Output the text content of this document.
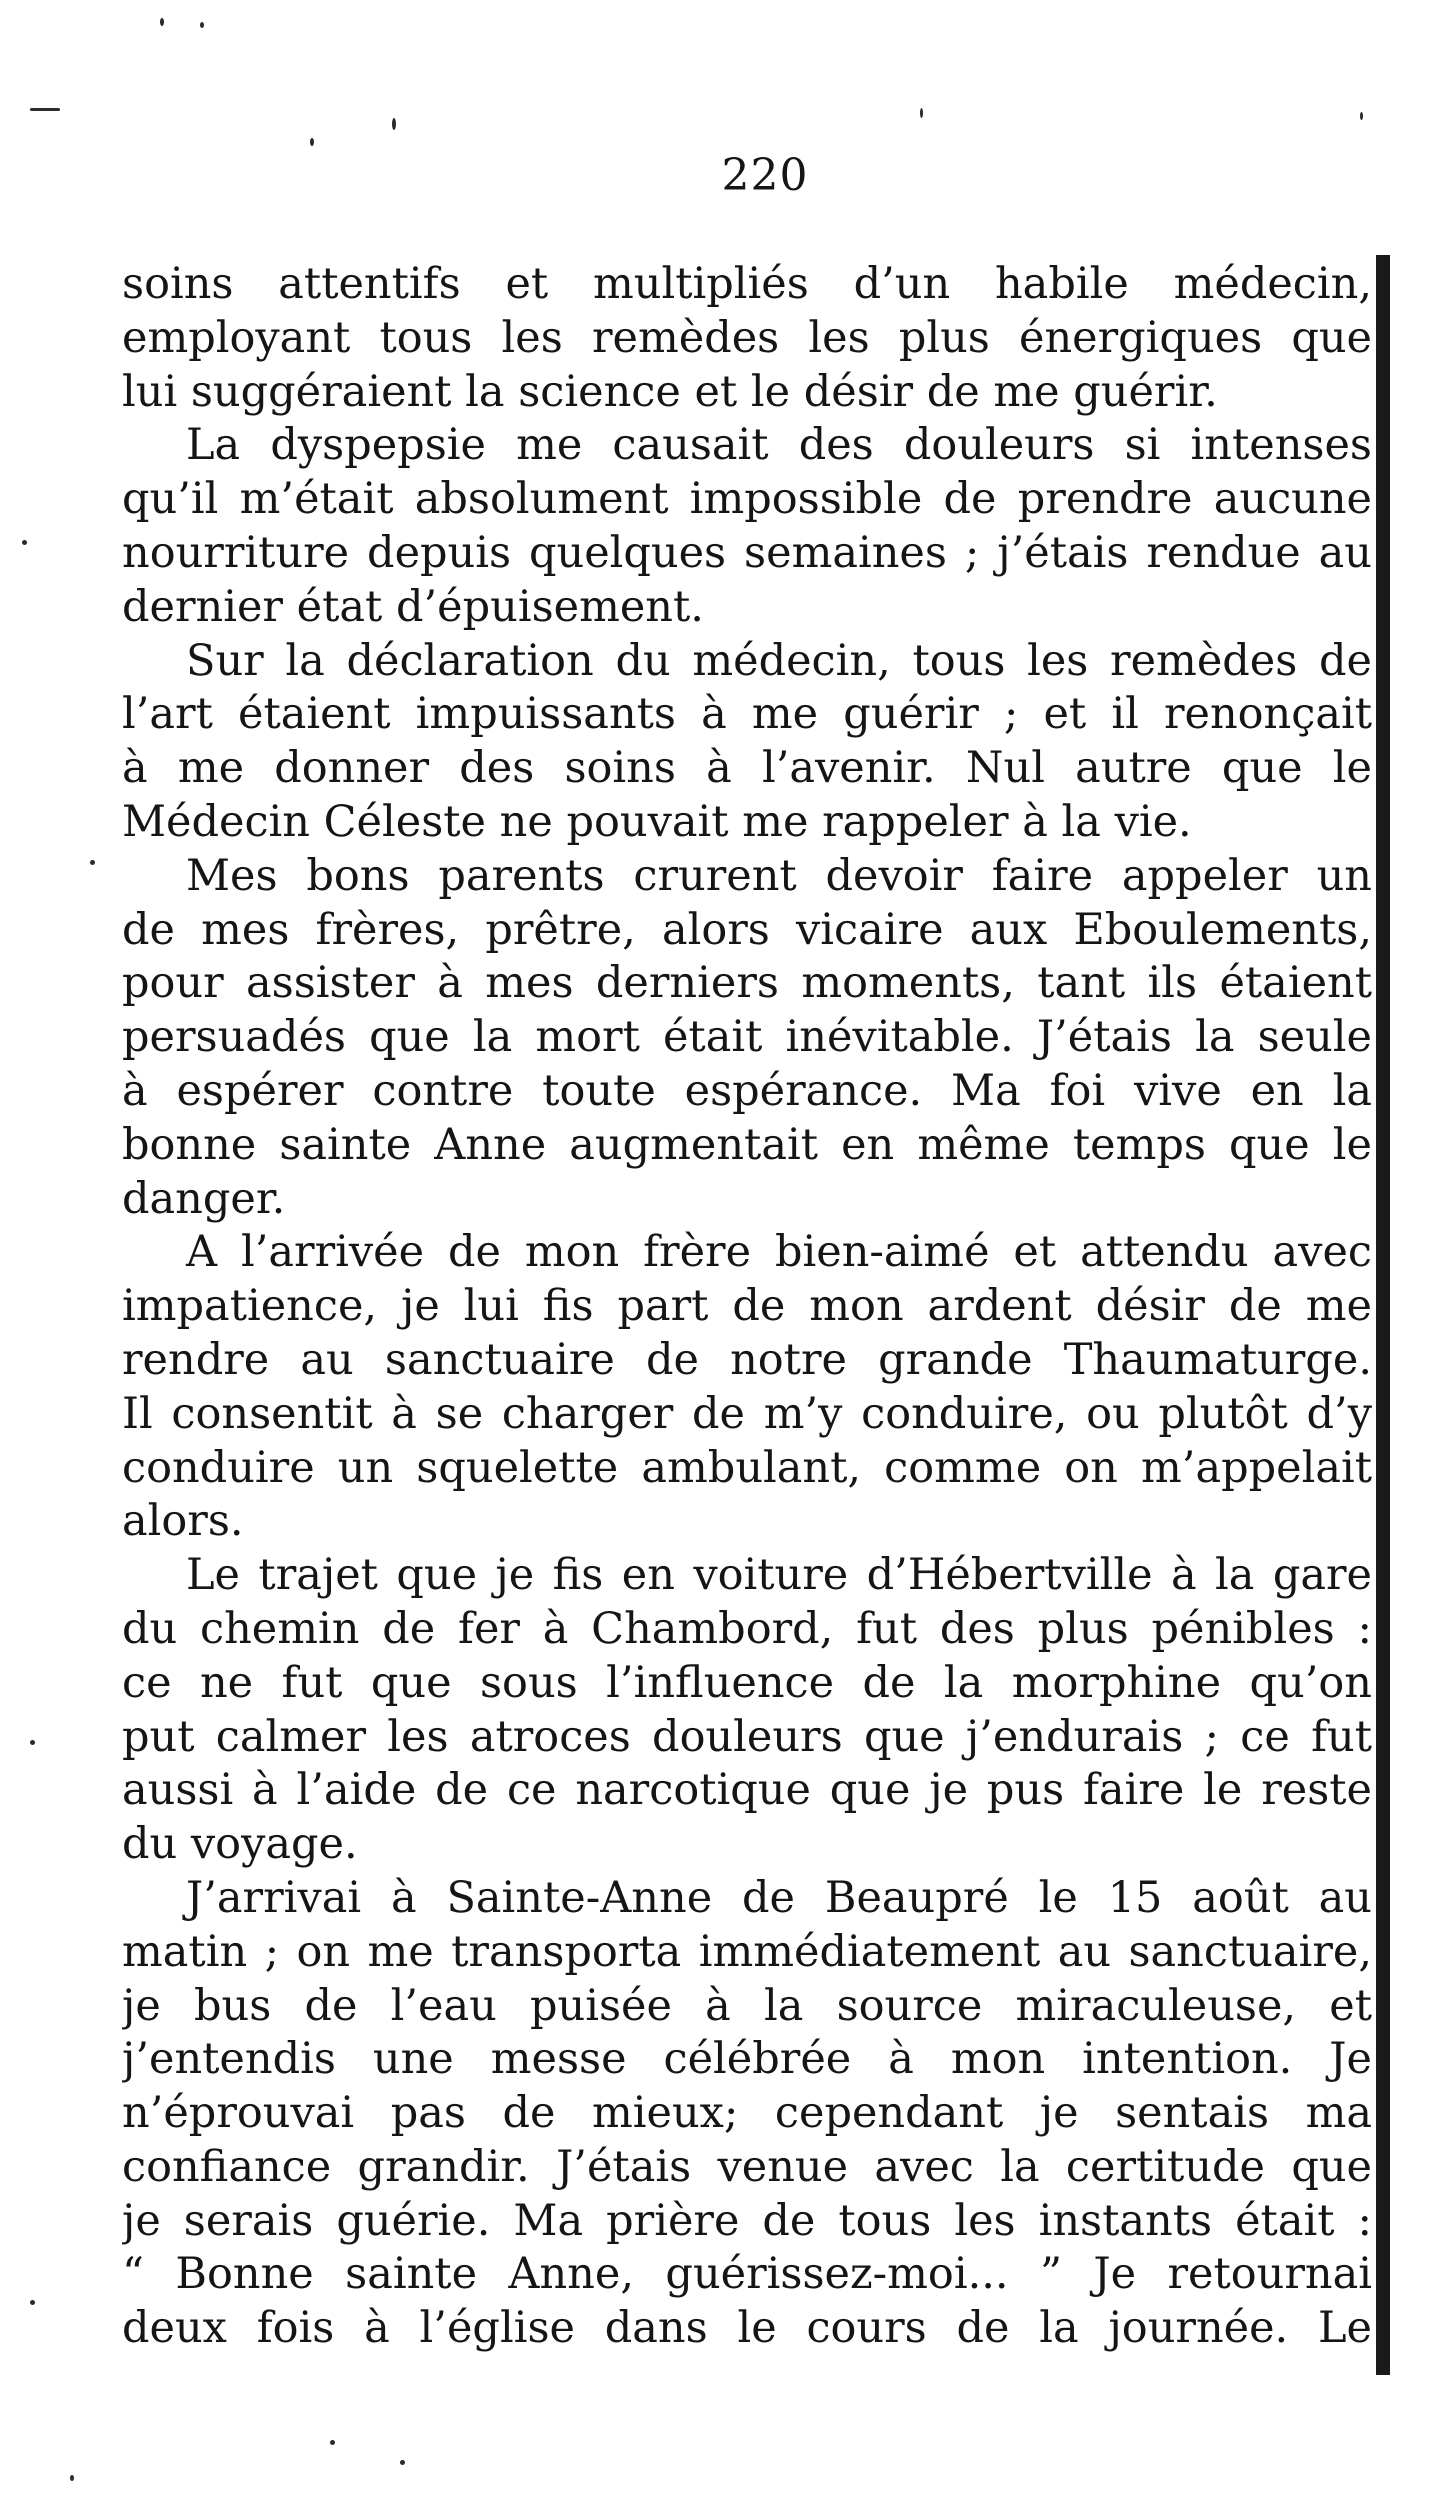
220
soins attentifs et multipliés d’un habile médecin,
employant tous les remèdes les plus énergiques que
lui suggéraient la science et le désir de me guérir.
La dyspepsie me causait des douleurs si intenses
qu’il m’était absolument impossible de prendre aucune
nourriture depuis quelques semaines ; j’étais rendue au
dernier état d’épuisement.
Sur la déclaration du médecin, tous les remèdes de
l’art étaient impuissants à me guérir ; et il renonçait
à me donner des soins à l’avenir. Nul autre que le
Médecin Céleste ne pouvait me rappeler à la vie.
Mes bons parents crurent devoir faire appeler un
de mes frères, prêtre, alors vicaire aux Eboulements,
pour assister à mes derniers moments, tant ils étaient
persuadés que la mort était inévitable. J’étais la seule
à espérer contre toute espérance. Ma foi vive en la
bonne sainte Anne augmentait en même temps que le
danger.
A l’arrivée de mon frère bien-aimé et attendu avec
impatience, je lui fis part de mon ardent désir de me
rendre au sanctuaire de notre grande Thaumaturge.
Il consentit à se charger de m’y conduire, ou plutôt d’y
conduire un squelette ambulant, comme on m’appelait
alors.
Le trajet que je fis en voiture d’Hébertville à la gare
du chemin de fer à Chambord, fut des plus pénibles :
ce ne fut que sous l’influence de la morphine qu’on
put calmer les atroces douleurs que j’endurais ; ce fut
aussi à l’aide de ce narcotique que je pus faire le reste
du voyage.
J’arrivai à Sainte-Anne de Beaupré le 15 août au
matin ; on me transporta immédiatement au sanctuaire,
je bus de l’eau puisée à la source miraculeuse, et
j’entendis une messe célébrée à mon intention. Je
n’éprouvai pas de mieux; cependant je sentais ma
confiance grandir. J’étais venue avec la certitude que
je serais guérie. Ma prière de tous les instants était :
“ Bonne sainte Anne, guérissez-moi... ” Je retournai
deux fois à l’église dans le cours de la journée. Le
